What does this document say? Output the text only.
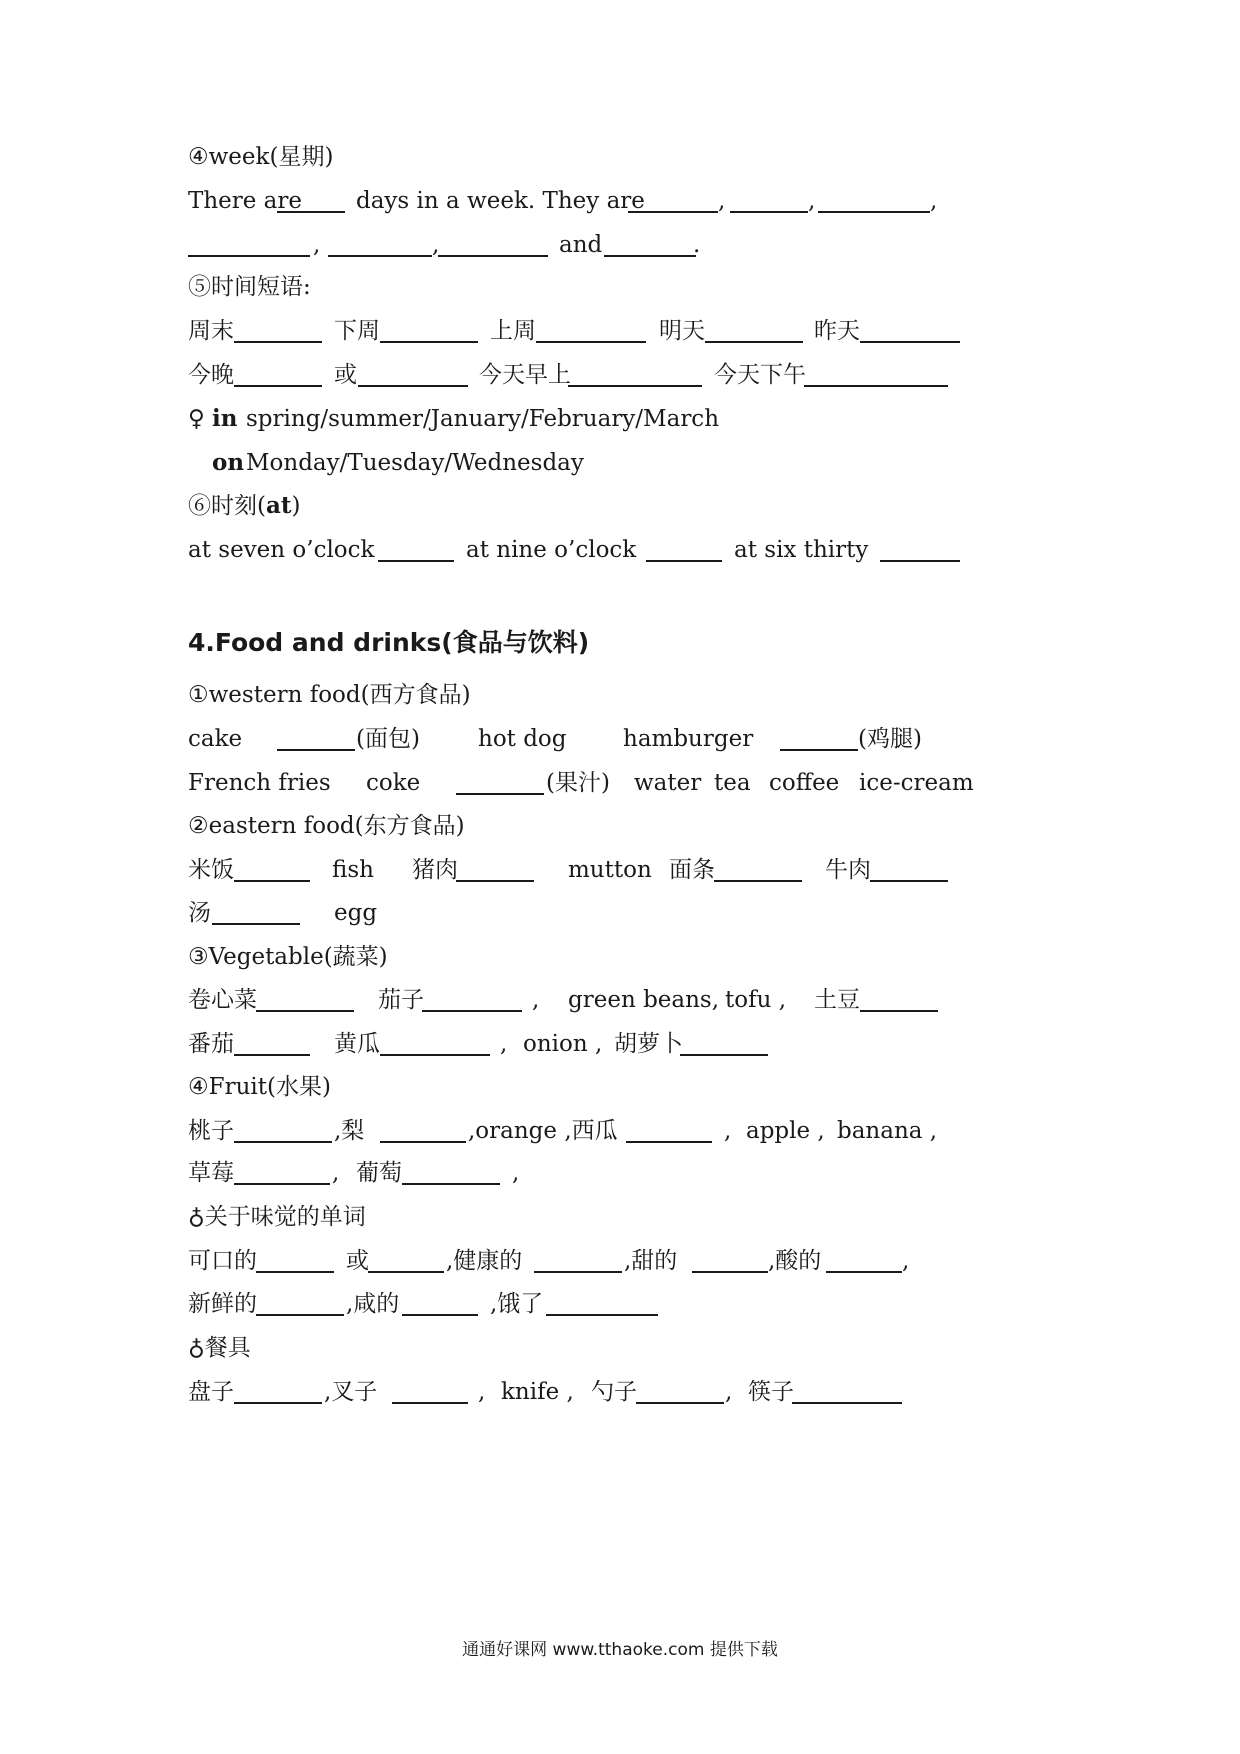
④week(星期)
There are days in a week. They are	,	,	,
,	,	and	.
⑤时间短语:
周末	下周	上周	明天	昨天
今晚	或	今天早上	今天下午
♀ in spring/summer/January/February/March
on Monday/Tuesday/Wednesday
⑥时刻(at)
at seven o’clock	at nine o’clock	at six thirty
4.Food and drinks(食品与饮料)
①western food(西方食品)
cake	(面包)	hot dog hamburger	(鸡腿)
French fries coke	(果汁) water tea coffee ice-cream
②eastern food(东方食品)
米饭	fish 猪肉	mutton 面条	牛肉
汤	egg
③Vegetable(蔬菜)
卷心菜	茄子	, green beans, tofu , 土豆
番茄	黄瓜	, onion , 胡萝卜
④Fruit(水果)
桃子	,梨	,orange ,西瓜	, apple , banana ,
草莓	, 葡萄	,
♁关于味觉的单词
可口的	或	,健康的	,甜的	,酸的	,
新鲜的	,咸的	,饿了
♁餐具
盘子	,叉子	, knife , 勺子	, 筷子
通通好课网 www.tthaoke.com 提供下载
